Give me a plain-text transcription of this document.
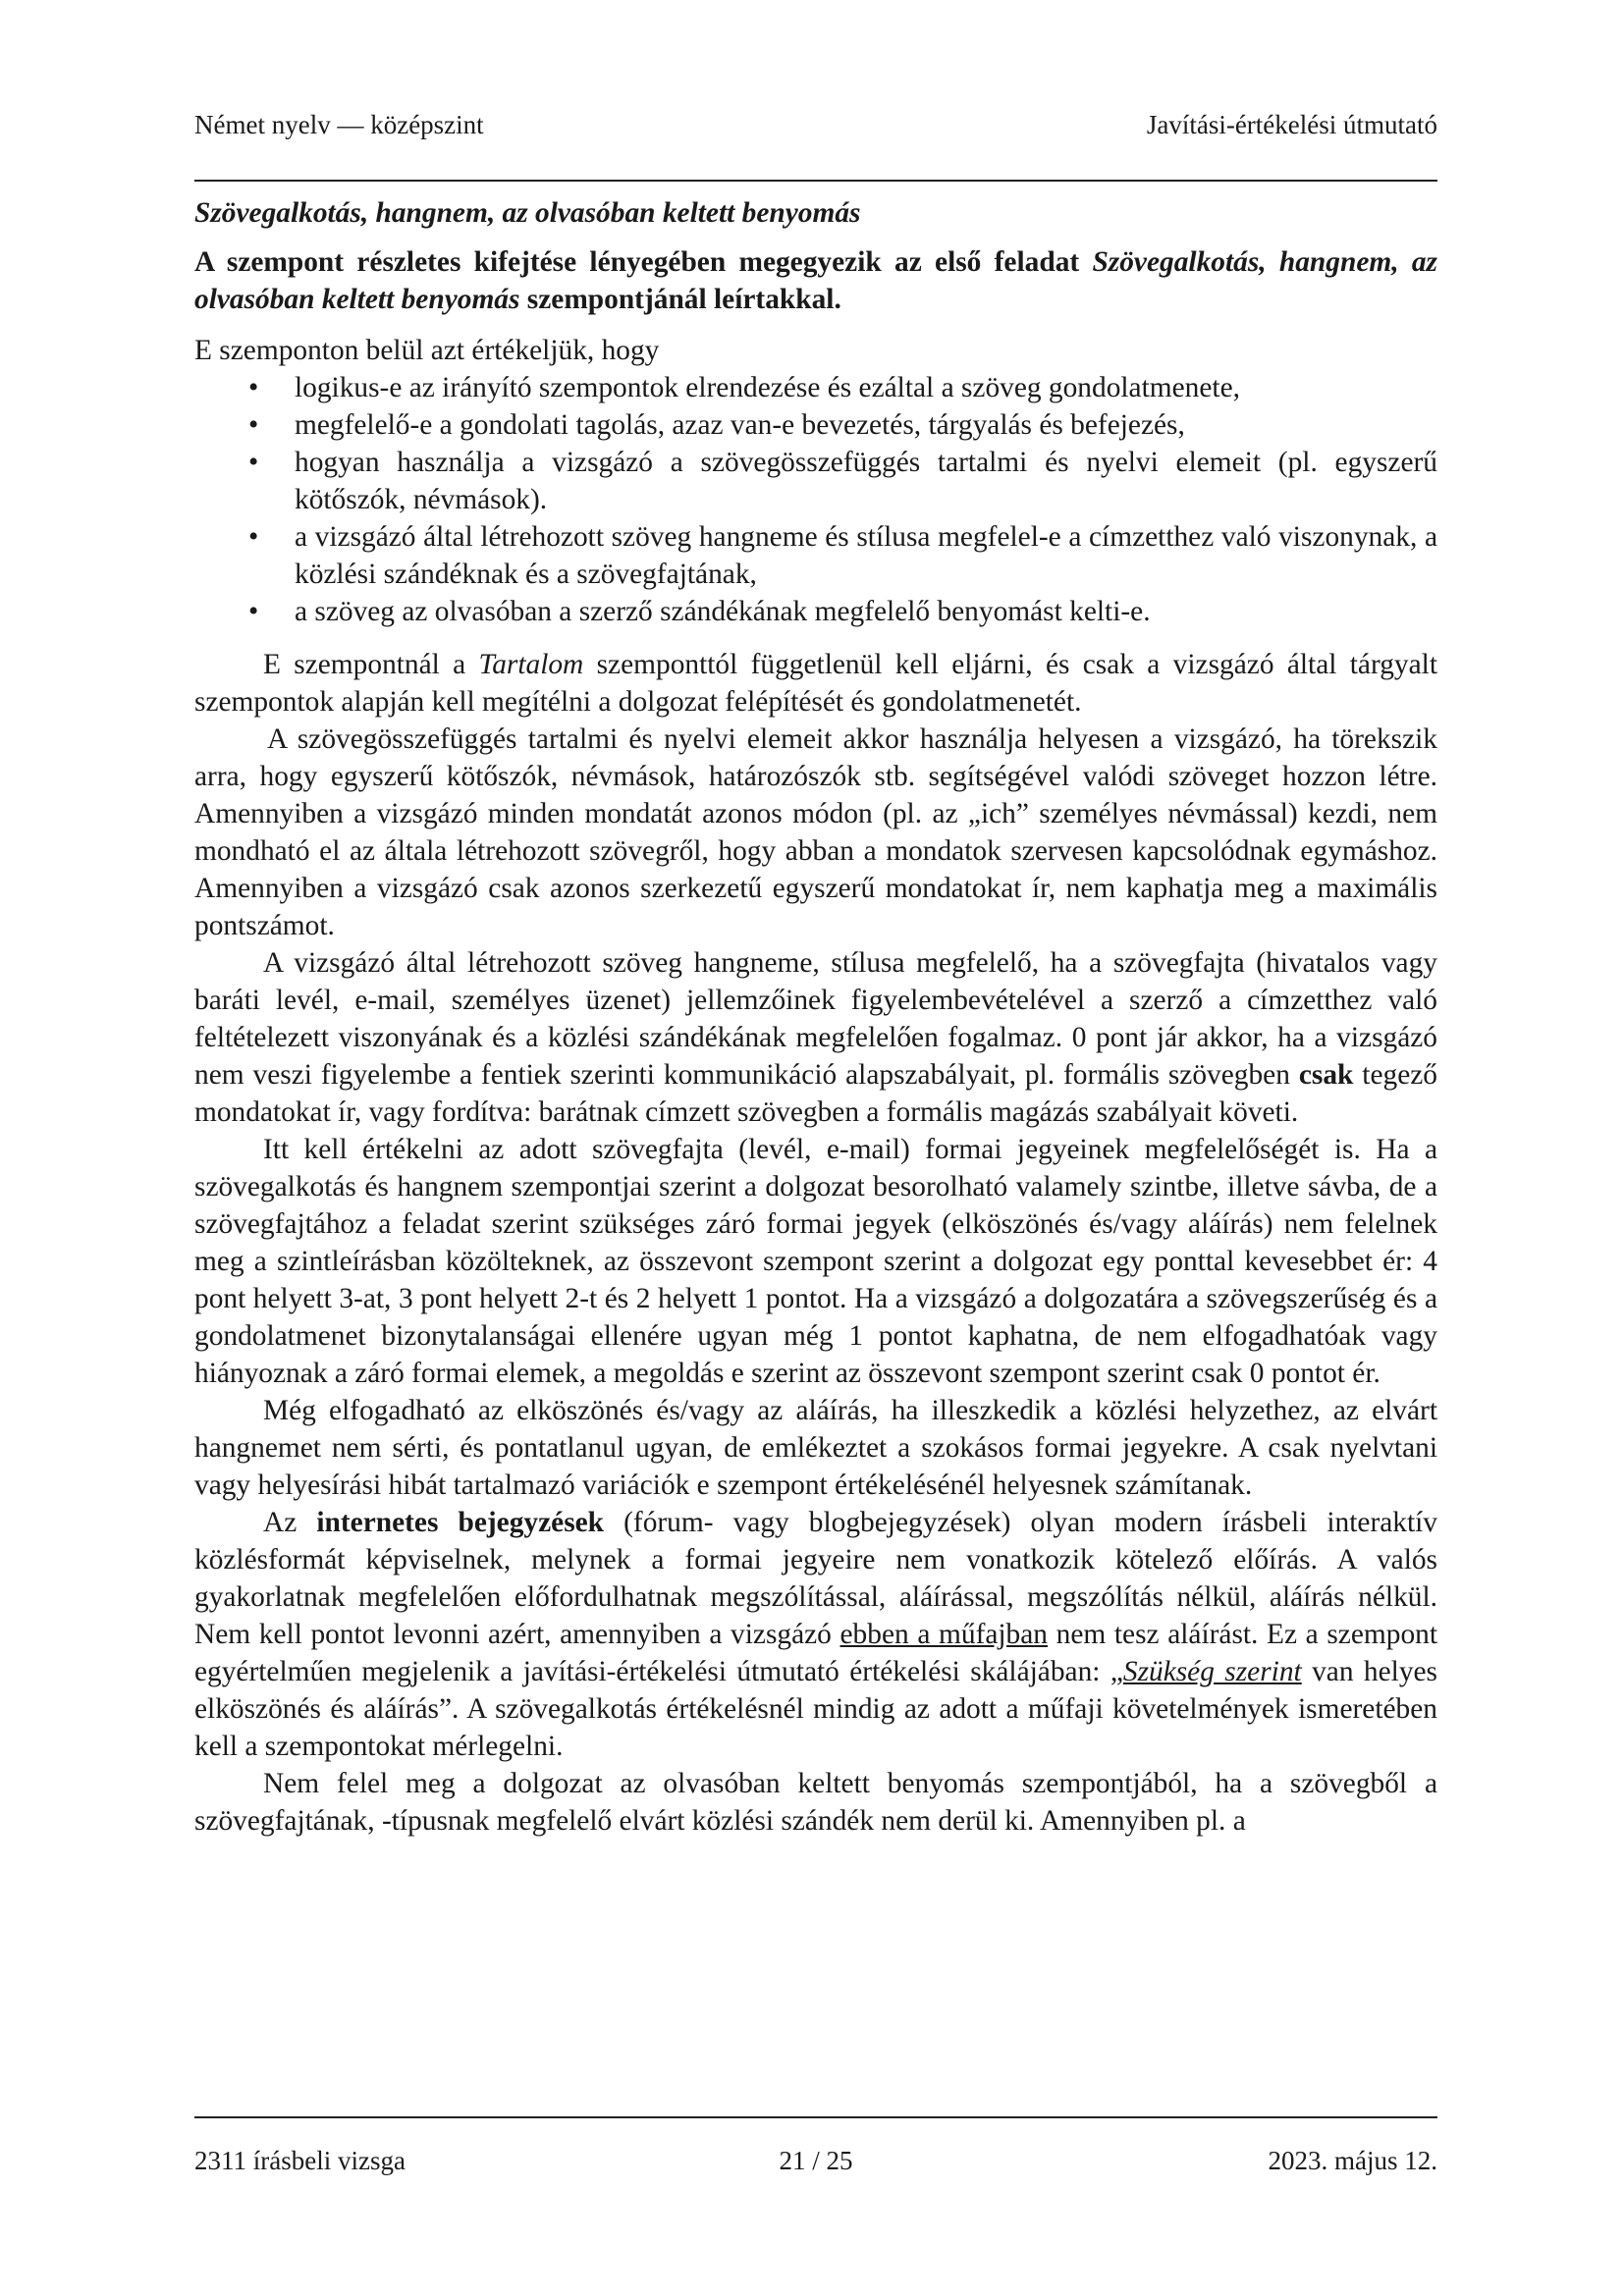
Német nyelv — középszint	Javítási-értékelési útmutató
Szövegalkotás, hangnem, az olvasóban keltett benyomás

A szempont részletes kifejtése lényegében megegyezik az első feladat Szövegalkotás, hangnem, az olvasóban keltett benyomás szempontjánál leírtakkal.

E szemponton belül azt értékeljük, hogy

• logikus-e az irányító szempontok elrendezése és ezáltal a szöveg gondolatmenete,
• megfelelő-e a gondolati tagolás, azaz van-e bevezetés, tárgyalás és befejezés,
• hogyan használja a vizsgázó a szövegösszefüggés tartalmi és nyelvi elemeit (pl. egyszerű kötőszók, névmások).
• a vizsgázó által létrehozott szöveg hangneme és stílusa megfelel-e a címzetthez való viszonynak, a közlési szándéknak és a szövegfajtának,
• a szöveg az olvasóban a szerző szándékának megfelelő benyomást kelti-e.

E szempontnál a Tartalom szemponttól függetlenül kell eljárni, és csak a vizsgázó által tárgyalt szempontok alapján kell megítélni a dolgozat felépítését és gondolatmenetét.

A szövegösszefüggés tartalmi és nyelvi elemeit akkor használja helyesen a vizsgázó, ha törekszik arra, hogy egyszerű kötőszók, névmások, határozószók stb. segítségével valódi szöveget hozzon létre. Amennyiben a vizsgázó minden mondatát azonos módon (pl. az „ich” személyes névmással) kezdi, nem mondható el az általa létrehozott szövegről, hogy abban a mondatok szervesen kapcsolódnak egymáshoz. Amennyiben a vizsgázó csak azonos szerkezetű egyszerű mondatokat ír, nem kaphatja meg a maximális pontszámot.

A vizsgázó által létrehozott szöveg hangneme, stílusa megfelelő, ha a szövegfajta (hivatalos vagy baráti levél, e-mail, személyes üzenet) jellemzőinek figyelembevételével a szerző a címzetthez való feltételezett viszonyának és a közlési szándékának megfelelően fogalmaz. 0 pont jár akkor, ha a vizsgázó nem veszi figyelembe a fentiek szerinti kommunikáció alapszabályait, pl. formális szövegben csak tegező mondatokat ír, vagy fordítva: barátnak címzett szövegben a formális magázás szabályait követi.

Itt kell értékelni az adott szövegfajta (levél, e-mail) formai jegyeinek megfelelőségét is. Ha a szövegalkotás és hangnem szempontjai szerint a dolgozat besorolható valamely szintbe, illetve sávba, de a szövegfajtához a feladat szerint szükséges záró formai jegyek (elköszönés és/vagy aláírás) nem felelnek meg a szintleírásban közölteknek, az összevont szempont szerint a dolgozat egy ponttal kevesebbet ér: 4 pont helyett 3-at, 3 pont helyett 2-t és 2 helyett 1 pontot. Ha a vizsgázó a dolgozatára a szövegszerűség és a gondolatmenet bizonytalanságai ellenére ugyan még 1 pontot kaphatna, de nem elfogadhatóak vagy hiányoznak a záró formai elemek, a megoldás e szerint az összevont szempont szerint csak 0 pontot ér.

Még elfogadható az elköszönés és/vagy az aláírás, ha illeszkedik a közlési helyzethez, az elvárt hangnemet nem sérti, és pontatlanul ugyan, de emlékeztet a szokásos formai jegyekre. A csak nyelvtani vagy helyesírási hibát tartalmazó variációk e szempont értékelésénél helyesnek számítanak.

Az internetes bejegyzések (fórum- vagy blogbejegyzések) olyan modern írásbeli interaktív közlésformát képviselnek, melynek a formai jegyeire nem vonatkozik kötelező előírás. A valós gyakorlatnak megfelelően előfordulhatnak megszólítással, aláírással, megszólítás nélkül, aláírás nélkül. Nem kell pontot levonni azért, amennyiben a vizsgázó ebben a műfajban nem tesz aláírást. Ez a szempont egyértelműen megjelenik a javítási-értékelési útmutató értékelési skálájában: „Szükség szerint van helyes elköszönés és aláírás”. A szövegalkotás értékelésnél mindig az adott a műfaji követelmények ismeretében kell a szempontokat mérlegelni.

Nem felel meg a dolgozat az olvasóban keltett benyomás szempontjából, ha a szövegből a szövegfajtának, -típusnak megfelelő elvárt közlési szándék nem derül ki. Amennyiben pl. a

2311 írásbeli vizsga	21 / 25	2023. május 12.
